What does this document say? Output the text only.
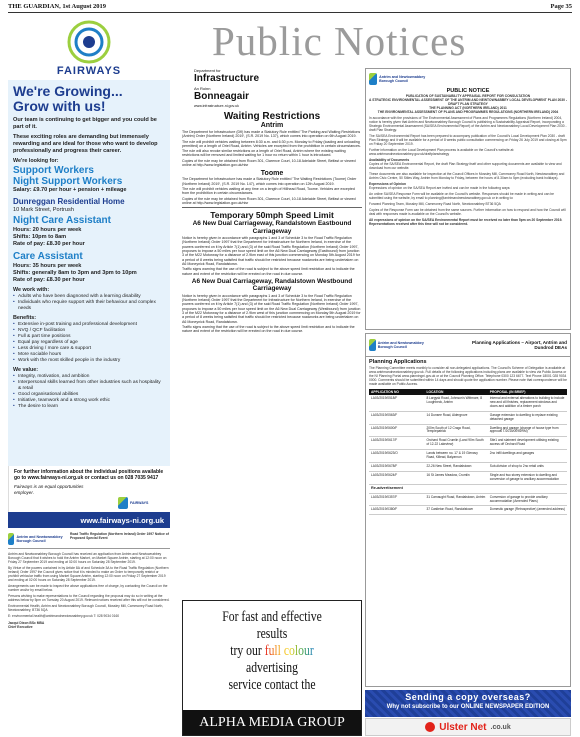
THE GUARDIAN, 1st August 2019	Page 35
Public Notices
FAIRWAYS
We're Growing...
Grow with us!
Our team is continuing to get bigger and you could be part of it.
These exciting roles are demanding but immensely rewarding and are ideal for those who want to develop professionally and progress their career.
We're looking for:
Support Workers
Night Support Workers
Salary: £9.70 per hour + pension + mileage
Dunreggan Residential Home
10 Mark Street, Portrush
Night Care Assistant
Hours: 20 hours per week
Shifts: 10pm to 8am
Rate of pay: £8.30 per hour
Care Assistant
Hours: 35 hours per week
Shifts: generally 8am to 3pm and 3pm to 10pm
Rate of pay: £8.30 per hour
We work with:
• Adults who have been diagnosed with a learning disability
• Individuals who require support with their behaviour and complex needs
Benefits:
• Extensive in-post training and professional development
• NVQ / QCF facilitation
• Full & part time positions
• Equal pay regardless of age
• Less driving / more care & support
• More sociable hours
• Work with the most skilled people in the industry
We value:
• Integrity, motivation, and ambition
• Interpersonal skills learned from other industries such as hospitality & retail
• Good organisational abilities
• Initiative, teamwork and a strong work ethic
• The desire to learn
For further information about the individual positions available go to www.fairways-ni.org.uk or contact us on 028 7035 9417
Fairways is an equal opportunities employer.
FAIRWAYS
www.fairways-ni.org.uk
Antrim and Newtownabbey Borough Council
Road Traffic Regulation (Northern Ireland) Order 1997 Notice of Proposed Special Event

Antrim and Newtownabbey Borough Council has received an application from Antrim and Newtownabbey Borough Council that it wishes to hold the Antrim Market, on Market Square Antrim, starting at 12:00 noon on Friday 27 September 2019 and ending at 02:00 hours on Saturday 28 September 2019.

By Virtue of the powers contained in by Article 8A of and Schedule 3A to the Road Traffic Regulation (Northern Ireland) Order 1997 the Council gives notice that it is minded to make an Order to temporarily restrict or prohibit vehicular traffic from using Market Square Antrim, starting 12:00 noon on Friday 27 September 2019 and ending at 02:00 hours on Saturday 28 September 2019.

Arrangements can be made to inspect the above applications free of charge, by contacting the Council on the number and/or by email below.

Persons wishing to make representations to the Council regarding the proposal may do so in writing at the address below by 5pm on Tuesday 20 August 2019. Relevant notices received after this will not be considered.

Environmental Health, Antrim and Newtownabbey Borough Council, Mossley Mill, Carnmoney Road North, Newtownabbey, BT36 5QA

E: environmental.health@antrimandnewtownabbey.gov.uk T: 028 9034 0160

Jacqui Dixon BSc MBA

Chief Executive

Department for
Infrastructure
An Roinn
Bonneagair
www.infrastructure-ni.gov.uk
Waiting Restrictions
Antrim

The Department for Infrastructure (DfI) has made a Statutory Rule entitled 'The Parking and Waiting Restrictions (Antrim) Order (Northern Ireland) 2019', (S.R. 2019 No. 137), which comes into operation on 6th August 2019.

The rule will prohibit vehicles waiting between 8:30 a.m. and 6:30 p.m. Monday to Friday (loading and unloading permitted) on a length of Oriel Road, Antrim. Vehicles are excepted from the prohibition in certain circumstances.

The rule will also revoke similar restrictions on a length of Oriel Road, Antrim where the existing waiting restrictions will be removed and limited waiting for 1 hour no return within 1 hour is introduced.

Copies of the rule may be obtained from Room 301, Clarence Court, 10-18 Adelaide Street, Belfast or viewed online at http://www.legislation.gov.uk/nisr

Toome

The Department for Infrastructure has made a Statutory Rule entitled 'The Waiting Restrictions (Toome) Order (Northern Ireland) 2019', (S.R. 2019 No. 147), which comes into operation on 12th August 2019.

The rule will prohibit vehicles waiting at any time on a length of Hillhead Road, Toome. Vehicles are excepted from the prohibition in certain circumstances.

Copies of the rule may be obtained from Room 301, Clarence Court, 10-18 Adelaide Street, Belfast or viewed online at http://www.legislation.gov.uk/nisr

Temporary 50mph Speed Limit
A6 New Dual Carriageway, Randalstown Eastbound Carriageway

Notice is hereby given in accordance with paragraphs 1 and 3 of Schedule 3 to the Road Traffic Regulation (Northern Ireland) Order 1997 that the Department for Infrastructure for Northern Ireland, in exercise of the powers conferred on it by Article 7(1) and (3) of the said Road Traffic Regulation (Northern Ireland) Order 1997, proposes to impose a 50 miles per hour speed limit on the A6 New Dual Carriageway (Eastbound) from junction 3 of the M22 Motorway for a distance of 2.9km east of this junction commencing on Monday 5th August 2019 for a period of 8 weeks being satisfied that traffic should be restricted because roadworks are being undertaken on A6 Moneynick Road, Randalstown.

Traffic signs warning that the use of the road is subject to the above speed limit restriction and to indicate the nature and extent of the restriction will be erected on the road in due course.

A6 New Dual Carriageway, Randalstown Westbound Carriageway

Notice is hereby given in accordance with paragraphs 1 and 3 of Schedule 3 to the Road Traffic Regulation (Northern Ireland) Order 1997 that the Department for Infrastructure for Northern Ireland, in exercise of the powers conferred on it by Article 7(1) and (3) of the said Road Traffic Regulation (Northern Ireland) Order 1997, proposes to impose a 50 miles per hour speed limit on the A6 New Dual Carriageway (Westbound) from junction 3 of the M22 Motorway for a distance of 2.9km west of this junction commencing on Monday 5th August 2019 for a period of 8 weeks being satisfied that traffic should be restricted because roadworks are being undertaken on A6 Moneynick Road, Randalstown.

Traffic signs warning that the use of the road is subject to the above speed limit restriction and to indicate the nature and extent of the restriction will be erected on the road in due course.

For fast and effective results
try our full colour advertising
service contact the
ALPHA MEDIA GROUP
Antrim and Newtownabbey Borough Council
PUBLIC NOTICE
PUBLICATION OF SUSTAINABILITY APPRAISAL REPORT FOR CONSULTATION
A STRATEGIC ENVIRONMENTAL ASSESSMENT OF THE ANTRIM AND NEWTOWNABBEY LOCAL DEVELOPMENT PLAN 2030 - DRAFT PLAN STRATEGY
THE PLANNING ACT (NORTHERN IRELAND) 2011
THE ENVIRONMENTAL ASSESSMENT OF PLANS AND PROGRAMMES REGULATIONS (NORTHERN IRELAND) 2004

In accordance with the provisions of The Environmental Assessment of Plans and Programmes Regulations (Northern Ireland) 2004, notice is hereby given that Antrim and Newtownabbey Borough Council is publishing a Sustainability Appraisal Report, incorporating a Strategic Environmental Assessment (SA/SEA Environmental Report) of the Antrim and Newtownabbey Local Development Plan 2030 - draft Plan Strategy.

The SA/SEA Environmental Report has been prepared to accompany publication of the Council's Local Development Plan 2030 - draft Plan Strategy and it will be available for a period of 8 weeks public consultation commencing on Friday 26 July 2019 and closing at 5pm on Friday 20 September 2019.

Further information on the Local Development Plan process is available on the Council's website at: www.antrimandnewtownabbey.gov.uk/draftplanstrategy

Availability of Documents

Copies of the SA/SEA Environmental Report, the draft Plan Strategy itself and other supporting documents are available to view and download from our website.

These documents are also available for inspection at the Council Offices in Mossley Mill, Carnmoney Road North, Newtownabbey and Antrim Civic Centre, 50 Stiles Way, Antrim from Monday to Friday, between the hours of 8.30am to 5pm (excluding bank holidays).

Expressions of Opinion

Expressions of opinion on the SA/SEA Report are invited and can be made in the following ways:

An online SA/SEA Response Form will be available on the Council's website. Responses should be made in writing and can be submitted using the website, by email to planning@antrimandnewtownabbey.gov.uk or in writing to:

Forward Planning Team, Mossley Mill, Carnmoney Road North, Newtownabbey BT36 5QA

Copies of the Response Form can be obtained from the same sources. Further information on how to respond and how the Council will deal with responses made is available on the Council's website.

All expressions of opinion on the SA/SEA Environmental Report must be received no later than 5pm on 20 September 2019. Representations received after this time will not be considered.

Antrim and Newtownabbey Borough Council
Planning Applications – Airport, Antrim and Dundrod DEAs
Planning Applications
The Planning Committee meets monthly to consider all non-delegated applications. The Council's Scheme of Delegation is available at www.antrimandnewtownabbey.gov.uk. Full details of the following applications including plans are available to view via Public Access or the NI Planning Portal www.planningni.gov.uk or at the Council Planning Office. Telephone 0300 123 6677. Text Phone 18001 028 9034 0000. Comments should be submitted within 14 days and should quote the application number. Please note that correspondence will be made available on Public Access.
APPLICATION NO	LOCATION	PROPOSAL (IN BRIEF)
LA03/2019/0518/F	8 Largysk Road, Johnson's Wittmore, 8 Loughbeck, Antrim	Internal and external alterations to building to include new and cill finishes, replacement windows and doors and addition of a timber porch
LA03/2019/0563/F	14 Dunsee Road, Aldergrove	Garage extension to dwelling to replace existing detached garage
LA03/2019/0600/F	200m South of 12 Crago Road, Templepatrick	Dwelling and garage (change of house type from approval T/2015/0095/RM)
LA03/2019/0617/F	Orchard Road Crumlin (Land 90m South of 12-22 Lakeview)	Site1 and slatment development utilising existing access off Orchard Road
LA03/2019/0623/O	Lands between no. 17 & 19 Glenavy Road, Killead, Balyarnun	2no infill dwellings and garages
LA03/2019/0678/F	22-26 New Street, Randalstown	Sub-division of shop to 2no retail units
LA03/2019/0624/F	16 St James Meadow, Crumlin	Single and two storey extension to dwelling and conversion of garage to ancillary accommodation
Re-advertisement		
LA03/2019/0357/F	31 Carnaught Road, Randalstown, Antrim	Conversion of garage to provide ancillary accommodation (Amended Plans)
LA03/2019/0380/F	37 Castleton Road, Randalstown	Domestic garage (Retrospective) (amended address)
Sending a copy overseas?
Why not subscribe to our ONLINE NEWSPAPER EDITION
Ulster Net .co.uk
